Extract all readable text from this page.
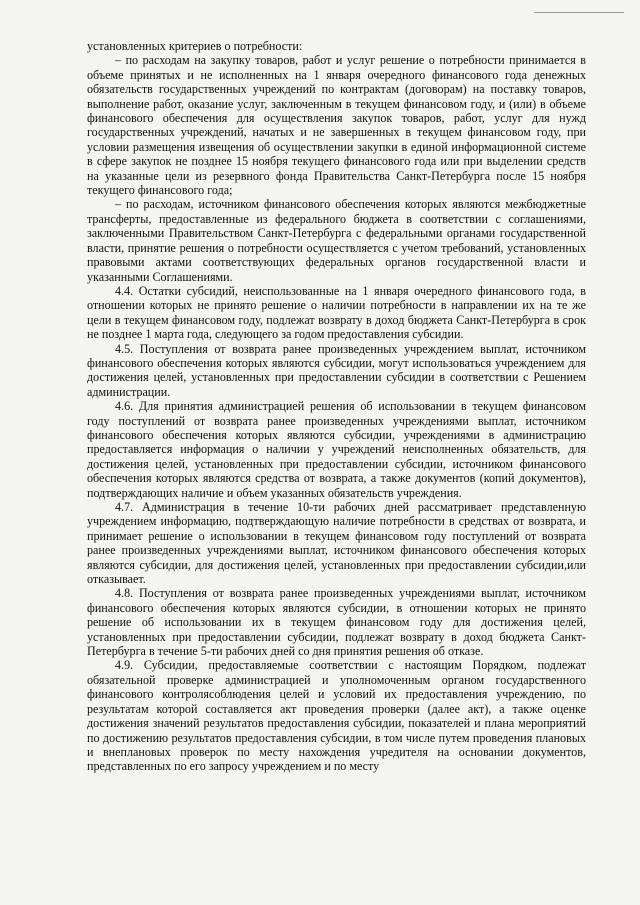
установленных критериев о потребности:

– по расходам на закупку товаров, работ и услуг решение о потребности принимается в объеме принятых и не исполненных на 1 января очередного финансового года денежных обязательств государственных учреждений по контрактам (договорам) на поставку товаров, выполнение работ, оказание услуг, заключенным в текущем финансовом году, и (или) в объеме финансового обеспечения для осуществления закупок товаров, работ, услуг для нужд государственных учреждений, начатых и не завершенных в текущем финансовом году, при условии размещения извещения об осуществлении закупки в единой информационной системе в сфере закупок не позднее 15 ноября текущего финансового года или при выделении средств на указанные цели из резервного фонда Правительства Санкт-Петербурга после 15 ноября текущего финансового года;

– по расходам, источником финансового обеспечения которых являются межбюджетные трансферты, предоставленные из федерального бюджета в соответствии с соглашениями, заключенными Правительством Санкт-Петербурга с федеральными органами государственной власти, принятие решения о потребности осуществляется с учетом требований, установленных правовыми актами соответствующих федеральных органов государственной власти и указанными Соглашениями.

4.4. Остатки субсидий, неиспользованные на 1 января очередного финансового года, в отношении которых не принято решение о наличии потребности в направлении их на те же цели в текущем финансовом году, подлежат возврату в доход бюджета Санкт-Петербурга в срок не позднее 1 марта года, следующего за годом предоставления субсидии.

4.5. Поступления от возврата ранее произведенных учреждением выплат, источником финансового обеспечения которых являются субсидии, могут использоваться учреждением для достижения целей, установленных при предоставлении субсидии в соответствии с Решением администрации.

4.6. Для принятия администрацией решения об использовании в текущем финансовом году поступлений от возврата ранее произведенных учреждениями выплат, источником финансового обеспечения которых являются субсидии, учреждениями в администрацию предоставляется информация о наличии у учреждений неисполненных обязательств, для достижения целей, установленных при предоставлении субсидии, источником финансового обеспечения которых являются средства от возврата, а также документов (копий документов), подтверждающих наличие и объем указанных обязательств учреждения.

4.7. Администрация в течение 10-ти рабочих дней рассматривает представленную учреждением информацию, подтверждающую наличие потребности в средствах от возврата, и принимает решение о использовании в текущем финансовом году поступлений от возврата ранее произведенных учреждениями выплат, источником финансового обеспечения которых являются субсидии, для достижения целей, установленных при предоставлении субсидии,или отказывает.

4.8. Поступления от возврата ранее произведенных учреждениями выплат, источником финансового обеспечения которых являются субсидии, в отношении которых не принято решение об использовании их в текущем финансовом году для достижения целей, установленных при предоставлении субсидии, подлежат возврату в доход бюджета Санкт-Петербурга в течение 5-ти рабочих дней со дня принятия решения об отказе.

4.9. Субсидии, предоставляемые соответствии с настоящим Порядком, подлежат обязательной проверке администрацией и уполномоченным органом государственного финансового контролясоблюдения целей и условий их предоставления учреждению, по результатам которой составляется акт проведения проверки (далее акт), а также оценке достижения значений результатов предоставления субсидии, показателей и плана мероприятий по достижению результатов предоставления субсидии, в том числе путем проведения плановых и внеплановых проверок по месту нахождения учредителя на основании документов, представленных по его запросу учреждением и по месту
